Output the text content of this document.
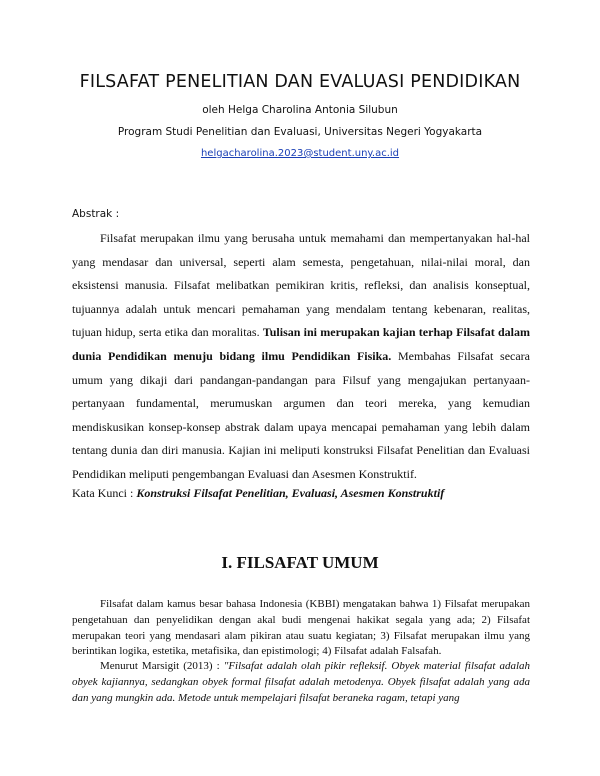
FILSAFAT PENELITIAN DAN EVALUASI PENDIDIKAN
oleh Helga Charolina Antonia Silubun
Program Studi Penelitian dan Evaluasi, Universitas Negeri Yogyakarta
helgacharolina.2023@student.uny.ac.id
Abstrak :

Filsafat merupakan ilmu yang berusaha untuk memahami dan mempertanyakan hal-hal yang mendasar dan universal, seperti alam semesta, pengetahuan, nilai-nilai moral, dan eksistensi manusia. Filsafat melibatkan pemikiran kritis, refleksi, dan analisis konseptual, tujuannya adalah untuk mencari pemahaman yang mendalam tentang kebenaran, realitas, tujuan hidup, serta etika dan moralitas. Tulisan ini merupakan kajian terhap Filsafat dalam dunia Pendidikan menuju bidang ilmu Pendidikan Fisika. Membahas Filsafat secara umum yang dikaji dari pandangan-pandangan para Filsuf yang mengajukan pertanyaan-pertanyaan fundamental, merumuskan argumen dan teori mereka, yang kemudian mendiskusikan konsep-konsep abstrak dalam upaya mencapai pemahaman yang lebih dalam tentang dunia dan diri manusia. Kajian ini meliputi konstruksi Filsafat Penelitian dan Evaluasi Pendidikan meliputi pengembangan Evaluasi dan Asesmen Konstruktif.

Kata Kunci : Konstruksi Filsafat Penelitian, Evaluasi, Asesmen Konstruktif
I. FILSAFAT UMUM

Filsafat dalam kamus besar bahasa Indonesia (KBBI) mengatakan bahwa 1) Filsafat merupakan pengetahuan dan penyelidikan dengan akal budi mengenai hakikat segala yang ada; 2) Filsafat merupakan teori yang mendasari alam pikiran atau suatu kegiatan; 3) Filsafat merupakan ilmu yang berintikan logika, estetika, metafisika, dan epistimologi; 4) Filsafat adalah Falsafah.

Menurut Marsigit (2013) : "Filsafat adalah olah pikir refleksif. Obyek material filsafat adalah obyek kajiannya, sedangkan obyek formal filsafat adalah metodenya. Obyek filsafat adalah yang ada dan yang mungkin ada. Metode untuk mempelajari filsafat beraneka ragam, tetapi yang
